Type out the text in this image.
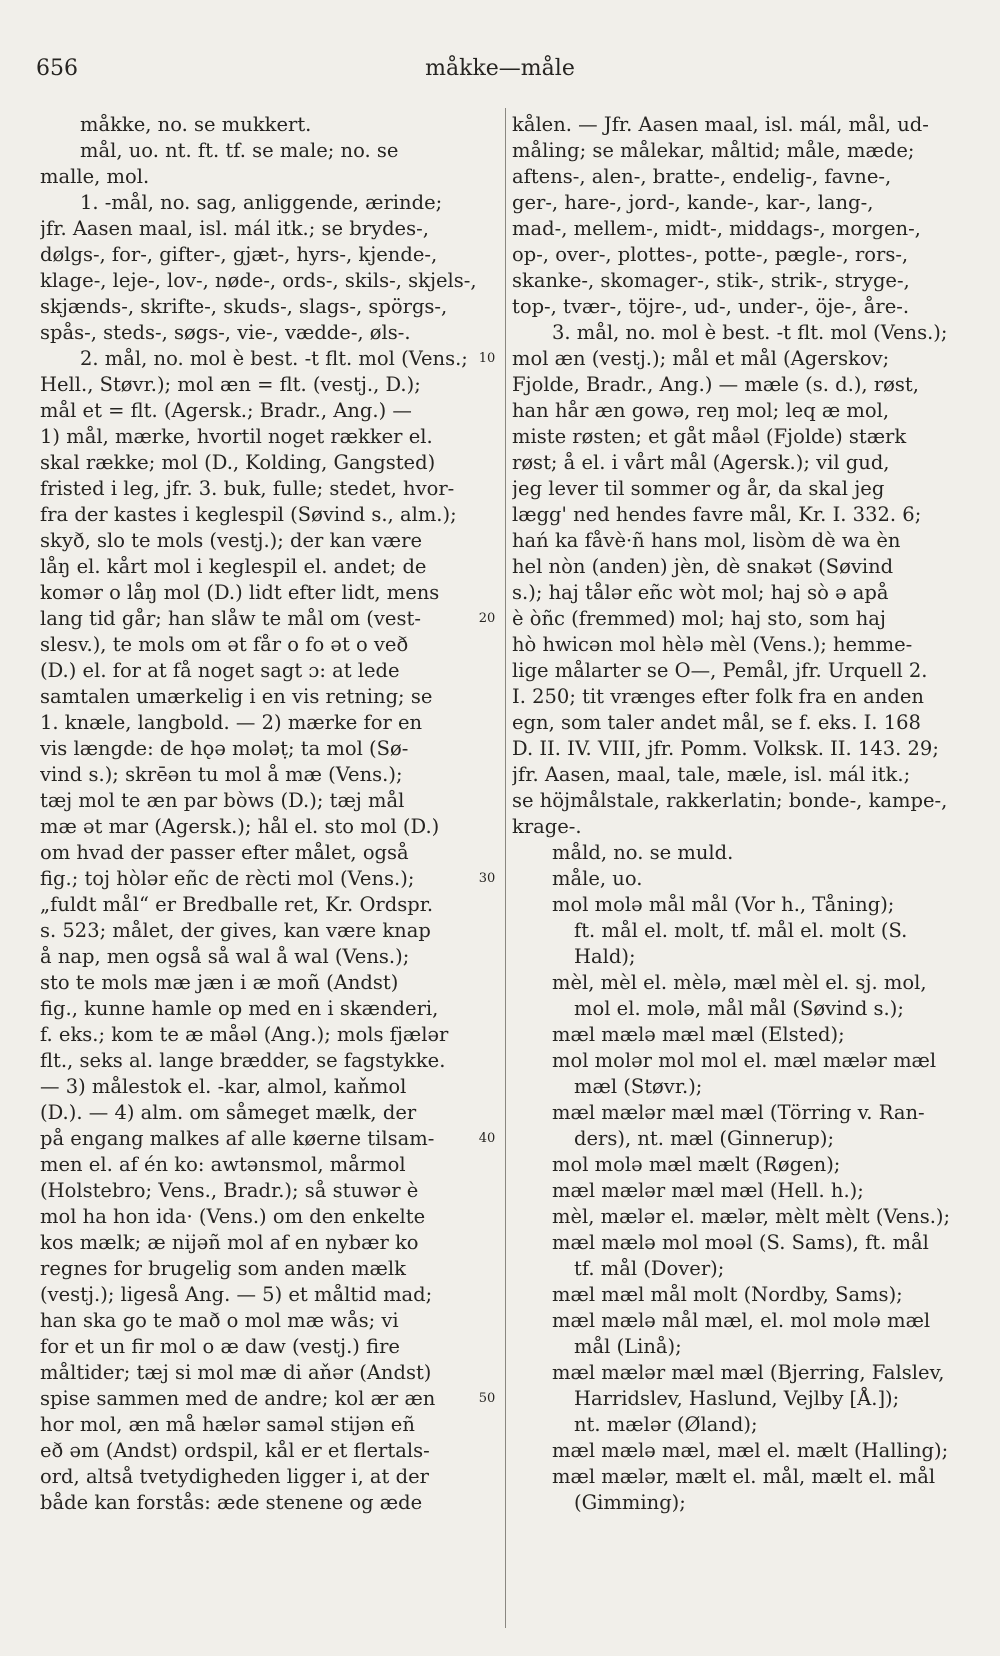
656	måkke—måle
måkke, no. se mukkert.
mål, uo. nt. ft. tf. se male; no. se
malle, mol.
1. -mål, no. sag, anliggende, ærinde;
jfr. Aasen maal, isl. mál itk.; se brydes-,
dølgs-, for-, gifter-, gjæt-, hyrs-, kjende-,
klage-, leje-, lov-, nøde-, ords-, skils-, skjels-,
skjænds-, skrifte-, skuds-, slags-, spörgs-,
spås-, steds-, søgs-, vie-, vædde-, øls-.
2. mål, no. mol è best. -t flt. mol (Vens.;
Hell., Støvr.); mol æn = flt. (vestj., D.);
mål et = flt. (Agersk.; Bradr., Ang.) —
1) mål, mærke, hvortil noget rækker el.
skal række; mol (D., Kolding, Gangsted)
fristed i leg, jfr. 3. buk, fulle; stedet, hvor-
fra der kastes i keglespil (Søvind s., alm.);
skyð, slo te mols (vestj.); der kan være
låŋ el. kårt mol i keglespil el. andet; de
komər o låŋ mol (D.) lidt efter lidt, mens
lang tid går; han slåw te mål om (vest-
slesv.), te mols om ət får o fo ət o veð
(D.) el. for at få noget sagt ɔ: at lede
samtalen umærkelig i en vis retning; se
1. knæle, langbold. — 2) mærke for en
vis længde: de hǫə moləṭ; ta mol (Sø-
vind s.); skrēən tu mol å mæ (Vens.);
tæj mol te æn par bòws (D.); tæj mål
mæ ət mar (Agersk.); hål el. sto mol (D.)
om hvad der passer efter målet, også
fig.; toj hòlər eñc de rècti mol (Vens.);
„fuldt mål“ er Bredballe ret, Kr. Ordspr.
s. 523; målet, der gives, kan være knap
å nap, men også så wal å wal (Vens.);
sto te mols mæ jæn i æ moñ (Andst)
fig., kunne hamle op med en i skænderi,
f. eks.; kom te æ måəl (Ang.); mols fjælər
flt., seks al. lange brædder, se fagstykke.
— 3) målestok el. -kar, almol, kaňmol
(D.). — 4) alm. om såmeget mælk, der
på engang malkes af alle køerne tilsam-
men el. af én ko: awtənsmol, mårmol
(Holstebro; Vens., Bradr.); så stuwər è
mol ha hon ida· (Vens.) om den enkelte
kos mælk; æ nijəñ mol af en nybær ko
regnes for brugelig som anden mælk
(vestj.); ligeså Ang. — 5) et måltid mad;
han ska go te mað o mol mæ wås; vi
for et un fir mol o æ daw (vestj.) fire
måltider; tæj si mol mæ di aňər (Andst)
spise sammen med de andre; kol ær æn
hor mol, æn må hælər saməl stijən eñ
eð əm (Andst) ordspil, kål er et flertals-
ord, altså tvetydigheden ligger i, at der
både kan forstås: æde stenene og æde
kålen. — Jfr. Aasen maal, isl. mál, mål, ud-
måling; se målekar, måltid; måle, mæde;
aftens-, alen-, bratte-, endelig-, favne-,
ger-, hare-, jord-, kande-, kar-, lang-,
mad-, mellem-, midt-, middags-, morgen-,
op-, over-, plottes-, potte-, pægle-, rors-,
skanke-, skomager-, stik-, strik-, stryge-,
top-, tvær-, töjre-, ud-, under-, öje-, åre-.
3. mål, no. mol è best. -t flt. mol (Vens.);
mol æn (vestj.); mål et mål (Agerskov;
Fjolde, Bradr., Ang.) — mæle (s. d.), røst,
han hår æn gowə, reŋ mol; leq æ mol,
miste røsten; et gåt måəl (Fjolde) stærk
røst; å el. i vårt mål (Agersk.); vil gud,
jeg lever til sommer og år, da skal jeg
lægg' ned hendes favre mål, Kr. I. 332. 6;
hań ka fåvè·ñ hans mol, lisòm dè wa èn
hel nòn (anden) jèn, dè snakət (Søvind
s.); haj tålər eñc wòt mol; haj sò ə apå
è òñc (fremmed) mol; haj sto, som haj
hò hwicən mol hèlə mèl (Vens.); hemme-
lige målarter se O—, Pemål, jfr. Urquell 2.
I. 250; tit vrænges efter folk fra en anden
egn, som taler andet mål, se f. eks. I. 168
D. II. IV. VIII, jfr. Pomm. Volksk. II. 143. 29;
jfr. Aasen, maal, tale, mæle, isl. mál itk.;
se höjmålstale, rakkerlatin; bonde-, kampe-,
krage-.
måld, no. se muld.
måle, uo.
mol molə mål mål (Vor h., Tåning);
ft. mål el. molt, tf. mål el. molt (S.
Hald);
mèl, mèl el. mèlə, mæl mèl el. sj. mol,
mol el. molə, mål mål (Søvind s.);
mæl mælə mæl mæl (Elsted);
mol molər mol mol el. mæl mælər mæl
mæl (Støvr.);
mæl mælər mæl mæl (Törring v. Ran-
ders), nt. mæl (Ginnerup);
mol molə mæl mælt (Røgen);
mæl mælər mæl mæl (Hell. h.);
mèl, mælər el. mælər, mèlt mèlt (Vens.);
mæl mælə mol moəl (S. Sams), ft. mål
tf. mål (Dover);
mæl mæl mål molt (Nordby, Sams);
mæl mælə mål mæl, el. mol molə mæl
mål (Linå);
mæl mælər mæl mæl (Bjerring, Falslev,
Harridslev, Haslund, Vejlby [Å.]);
nt. mælər (Øland);
mæl mælə mæl, mæl el. mælt (Halling);
mæl mælər, mælt el. mål, mælt el. mål
(Gimming);
10
20
30
40
50
